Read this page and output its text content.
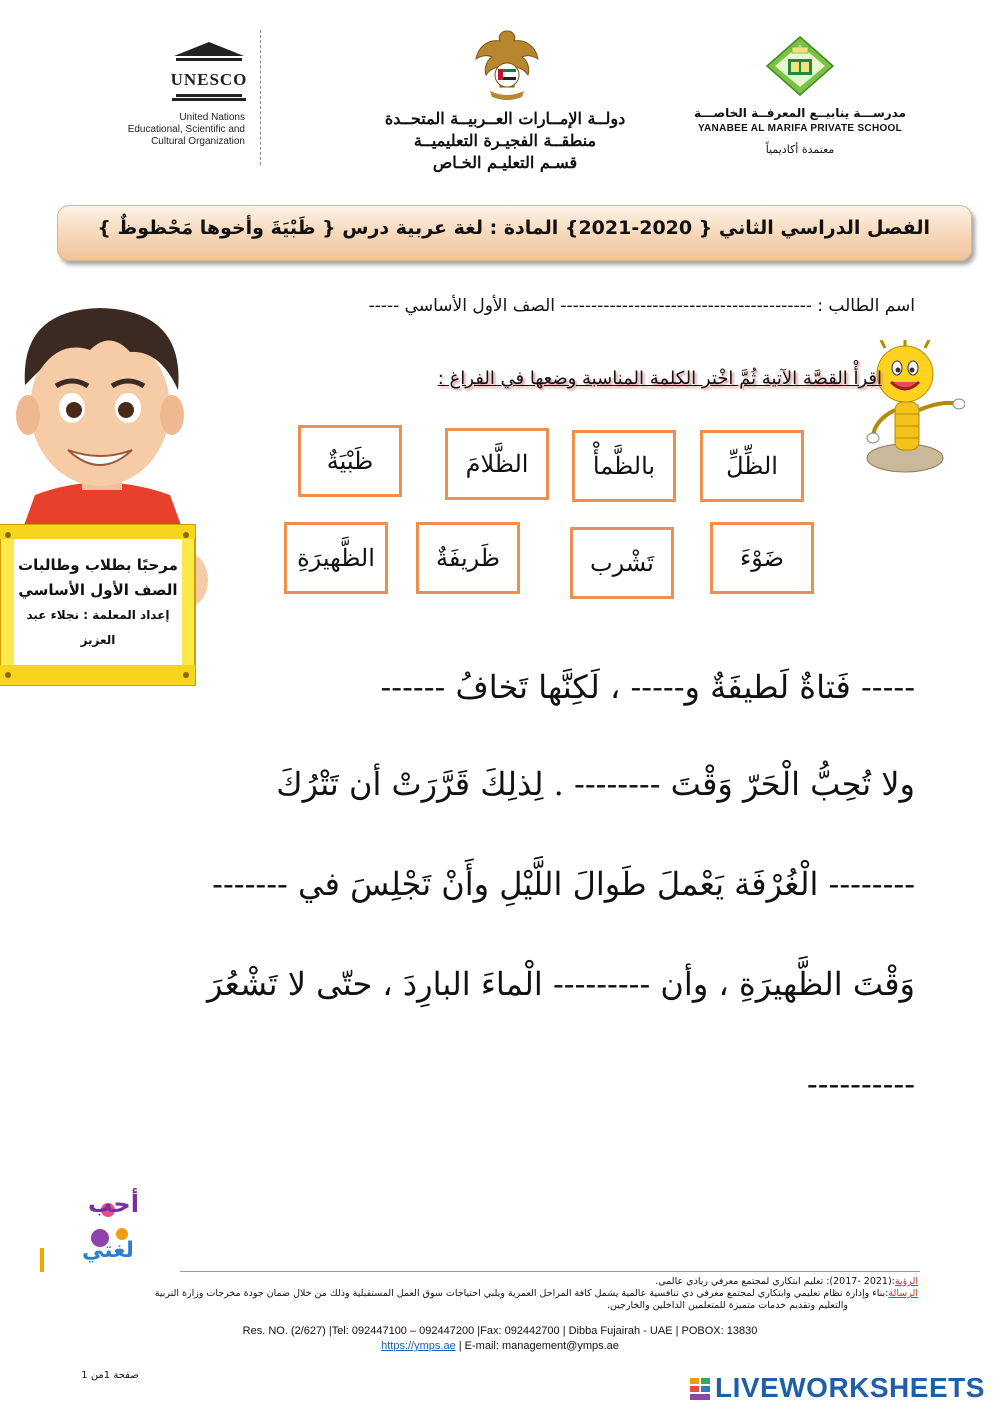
UNESCO
United Nations
Educational, Scientific and
Cultural Organization
دولــة الإمــارات العــربيــة المتحــدة
منطقــة الفجيـرة التعليميــة
قسـم التعليـم الخـاص
مدرســـة ينابيــع المعرفــة الخاصـــة
YANABEE AL MARIFA PRIVATE SCHOOL
معتمدة أكاديمياً
الفصل الدراسي الثاني { 2020-2021} المادة : لغة عربية درس { ظَبْيَةَ وأخوها مَحْظوظٌ }
اسم الطالب : ----------------------------------------- الصف الأول الأساسي -----
مرحبًا بطلاب وطالبات
الصف الأول الأساسي
إعداد المعلمة : نجلاء عبد العزيز
اقرأْ القصَّة الآتية ثُمَّ اخْتر الكلمة المناسبة وضعها في الفراغ :
الظِّلِّ
بالظَّمأْ
الظَّلامَ
ظَبْيَةٌ
ضَوْءَ
تَشْرب
ظَريفَةٌ
الظَّهيرَةِ
----- فَتاةٌ لَطيفَةٌ و----- ، لَكِنَّها تَخافُ ------
ولا تُحِبُّ الْحَرّ وَقْتَ -------- . لِذلِكَ قَرَّرَتْ أن تَتْرُكَ
-------- الْغُرْفَة يَعْملَ طَوالَ اللَّيْلِ وأَنْ تَجْلِسَ في -------
وَقْتَ الظَّهيرَةِ ، وأن --------- الْماءَ البارِدَ ، حتّى لا تَشْعُرَ
----------
أحب
لغتي
الرؤية:(2021 -2017): تعليم ابتكاري لمجتمع معرفي ريادي عالمي.
الرسالة:بناء وإدارة نظام تعليمي وابتكاري لمجتمع معرفي ذي تنافسية عالمية يشمل كافة المراحل العمرية ويلبي احتياجات سوق العمل المستقبلية وذلك من خلال ضمان جودة مخرجات وزارة التربية
والتعليم وتقديم خدمات متميزة للمتعلمين الداخلين والخارجين.
Res. NO. (2/627) |Tel: 092447100 – 092447200 |Fax: 092442700 | Dibba Fujairah - UAE | POBOX: 13830
https://ymps.ae | E-mail: management@ymps.ae
صفحة 1من 1	LIVEWORKSHEETS
